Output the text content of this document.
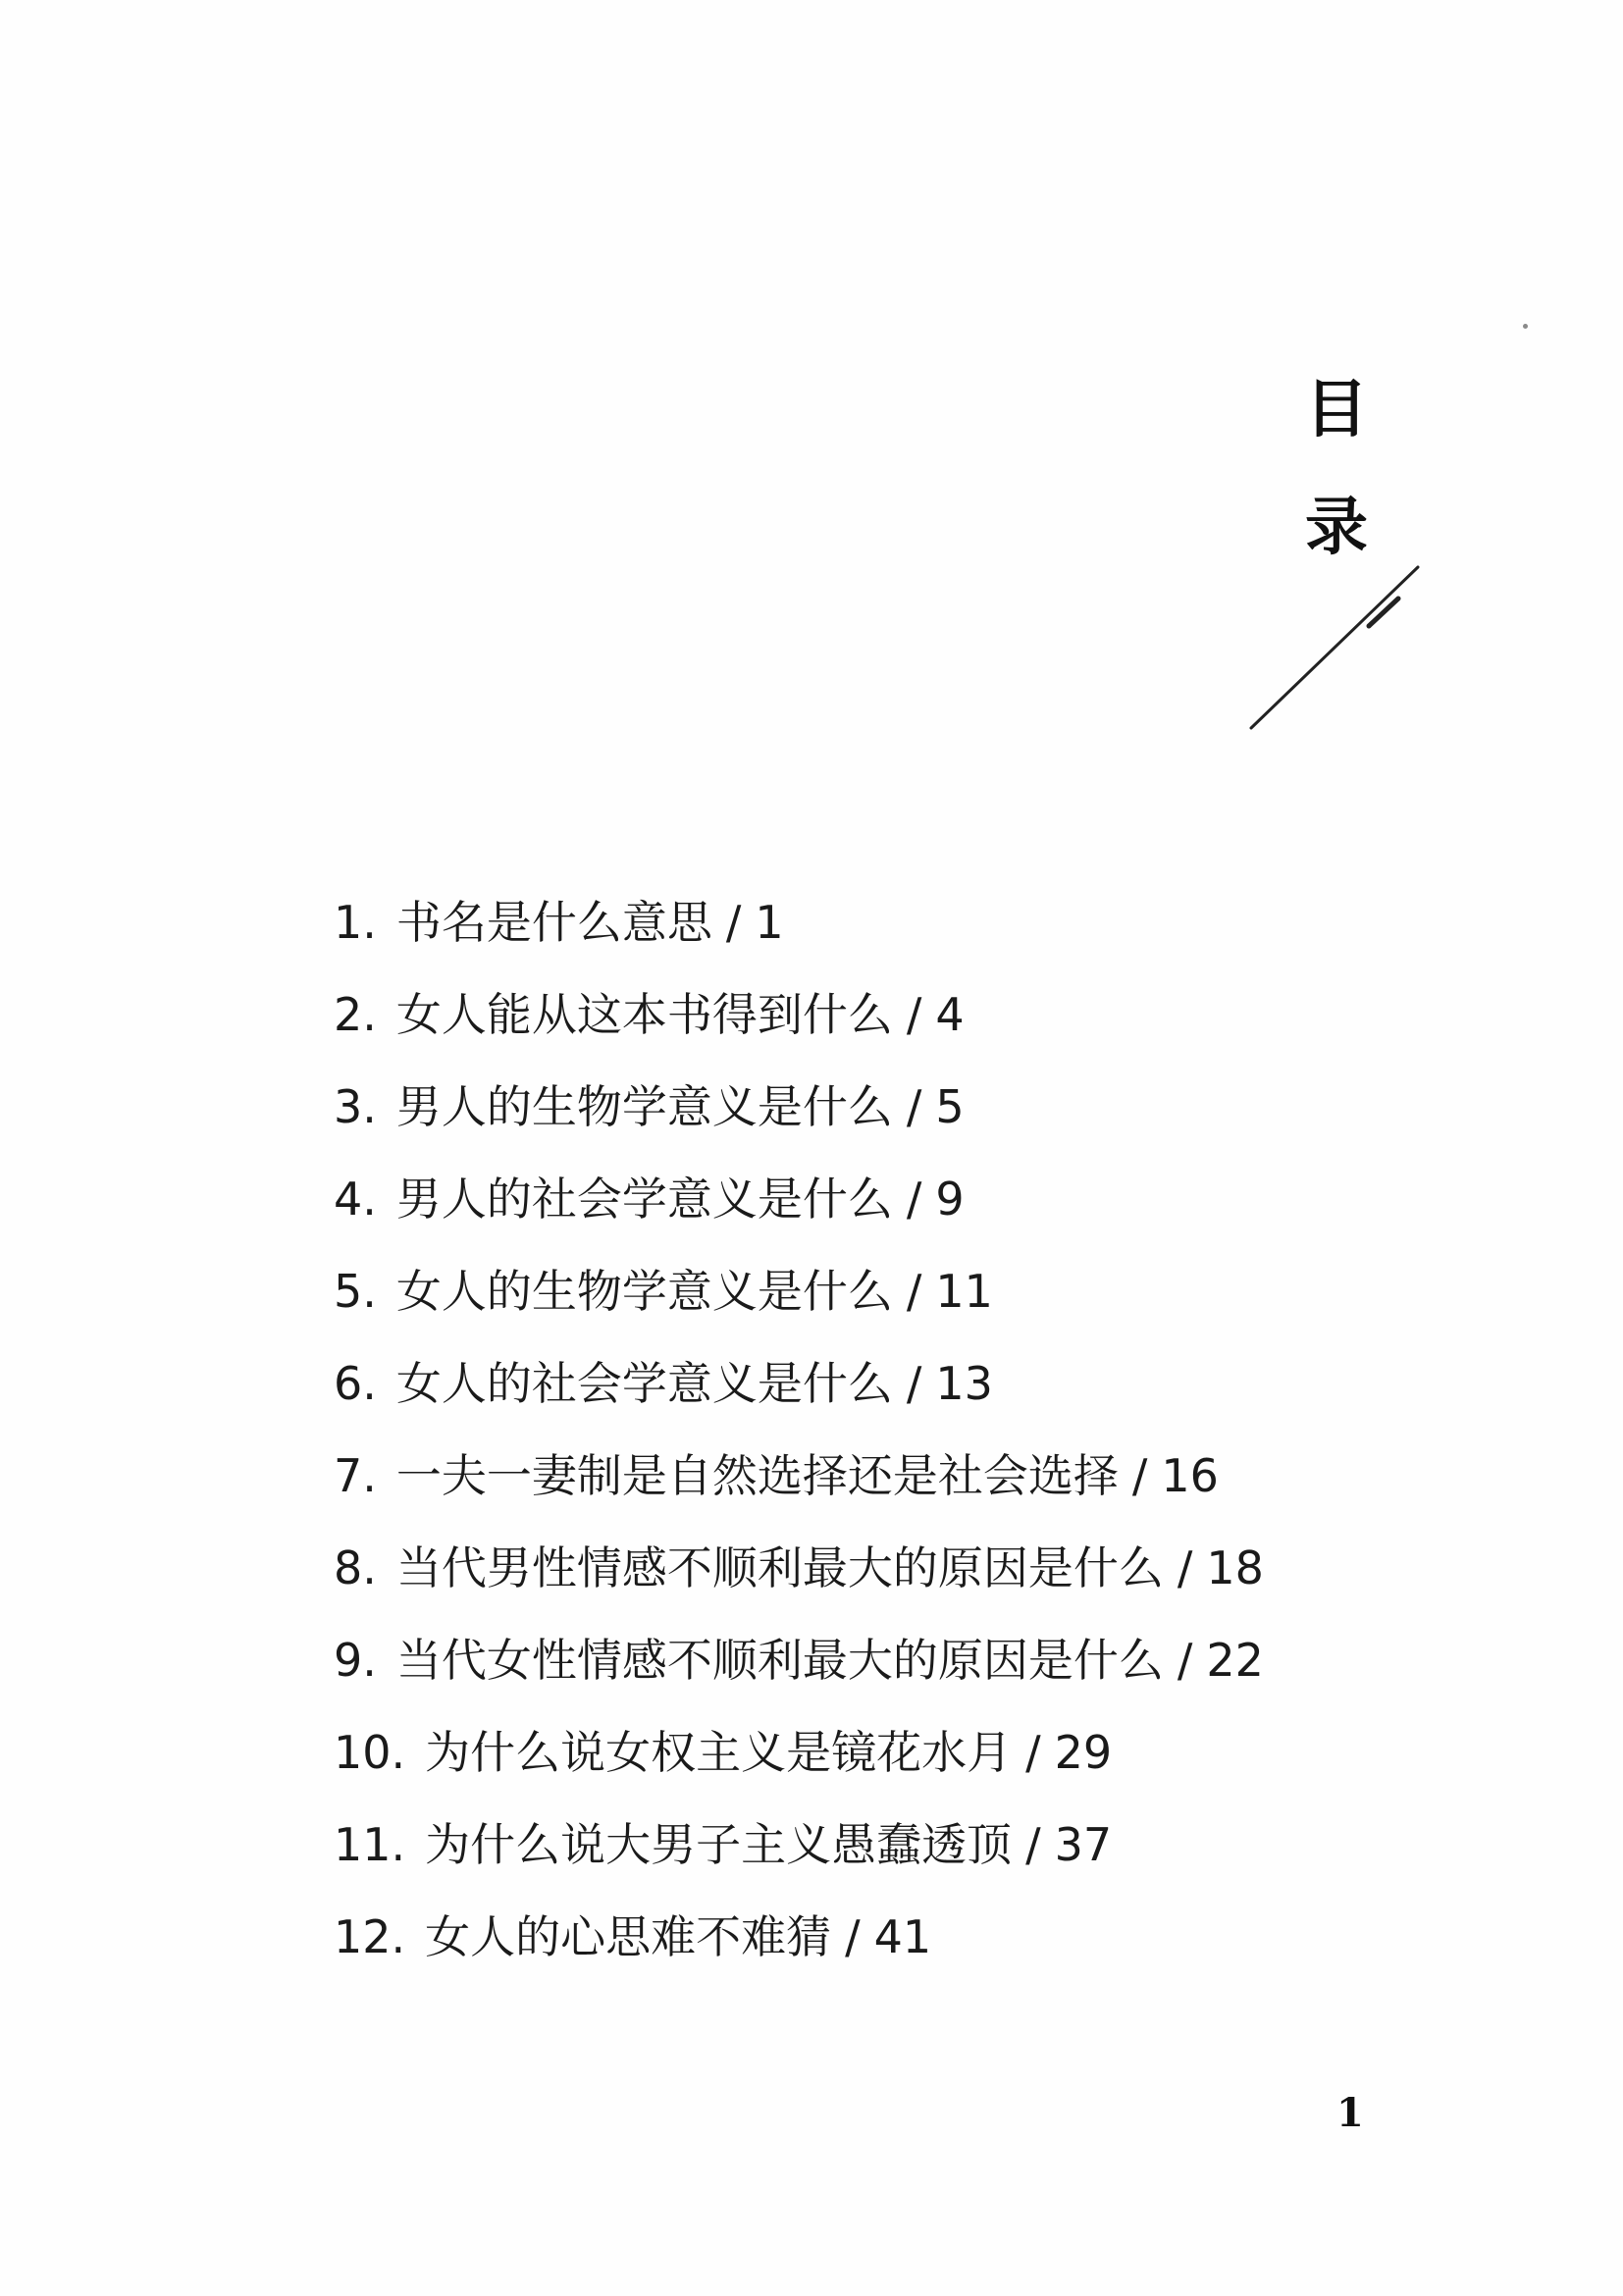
目
录
1. 书名是什么意思 / 1
2. 女人能从这本书得到什么 / 4
3. 男人的生物学意义是什么 / 5
4. 男人的社会学意义是什么 / 9
5. 女人的生物学意义是什么 / 11
6. 女人的社会学意义是什么 / 13
7. 一夫一妻制是自然选择还是社会选择 / 16
8. 当代男性情感不顺利最大的原因是什么 / 18
9. 当代女性情感不顺利最大的原因是什么 / 22
10. 为什么说女权主义是镜花水月 / 29
11. 为什么说大男子主义愚蠢透顶 / 37
12. 女人的心思难不难猜 / 41
1
